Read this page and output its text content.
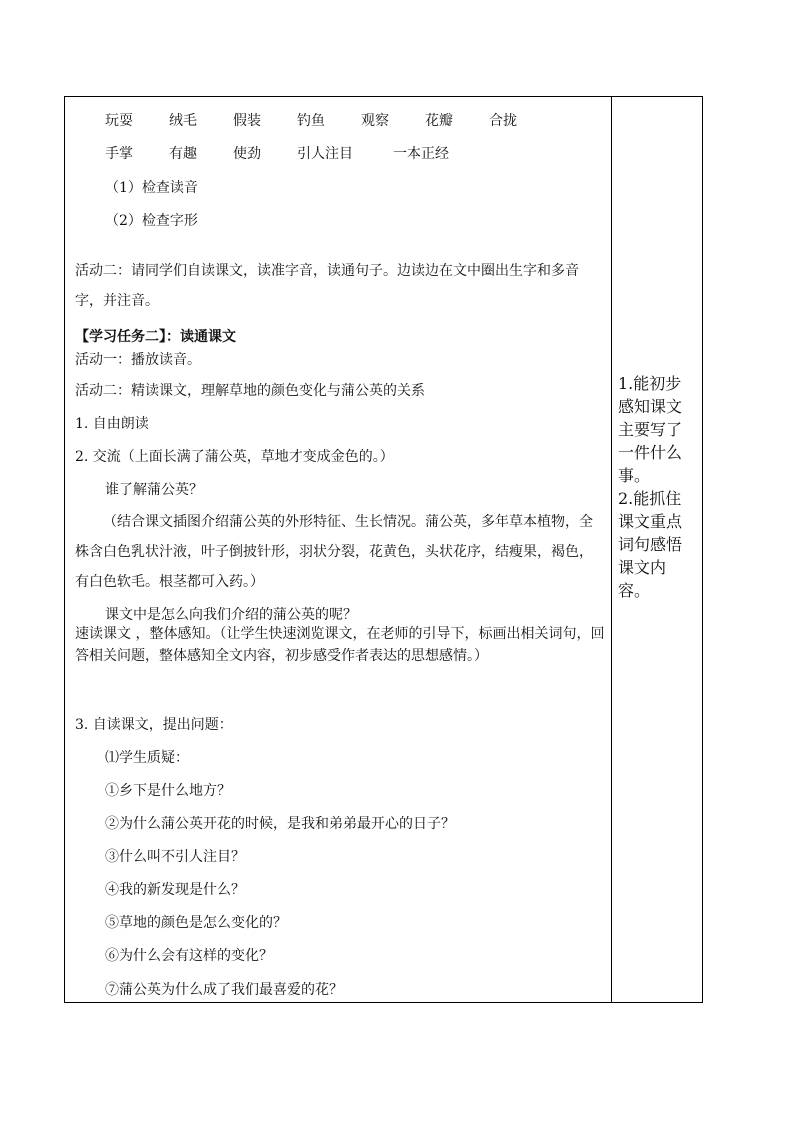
玩耍	绒毛	假装	钓鱼	观察	花瓣	合拢
手掌	有趣	使劲	引人注目	一本正经
（1）检查读音
（2）检查字形
活动二：请同学们自读课文，读准字音，读通句子。边读边在文中圈出生字和多音字，并注音。
【学习任务二】：读通课文
活动一：播放读音。
活动二：精读课文，理解草地的颜色变化与蒲公英的关系
1. 自由朗读
2. 交流（上面长满了蒲公英，草地才变成金色的。）
谁了解蒲公英？
（结合课文插图介绍蒲公英的外形特征、生长情况。蒲公英，多年草本植物，全株含白色乳状汁液，叶子倒披针形，羽状分裂，花黄色，头状花序，结瘦果，褐色，有白色软毛。根茎都可入药。）
课文中是怎么向我们介绍的蒲公英的呢？
速读课文 ，整体感知。（让学生快速浏览课文，在老师的引导下，标画出相关词句，回答相关问题，整体感知全文内容，初步感受作者表达的思想感情。）
3. 自读课文，提出问题：
⑴学生质疑：
①乡下是什么地方？
②为什么蒲公英开花的时候，是我和弟弟最开心的日子？
③什么叫不引人注目？
④我的新发现是什么？
⑤草地的颜色是怎么变化的？
⑥为什么会有这样的变化？
⑦蒲公英为什么成了我们最喜爱的花？
1.能初步感知课文主要写了一件什么事。
2.能抓住课文重点词句感悟课文内容。
